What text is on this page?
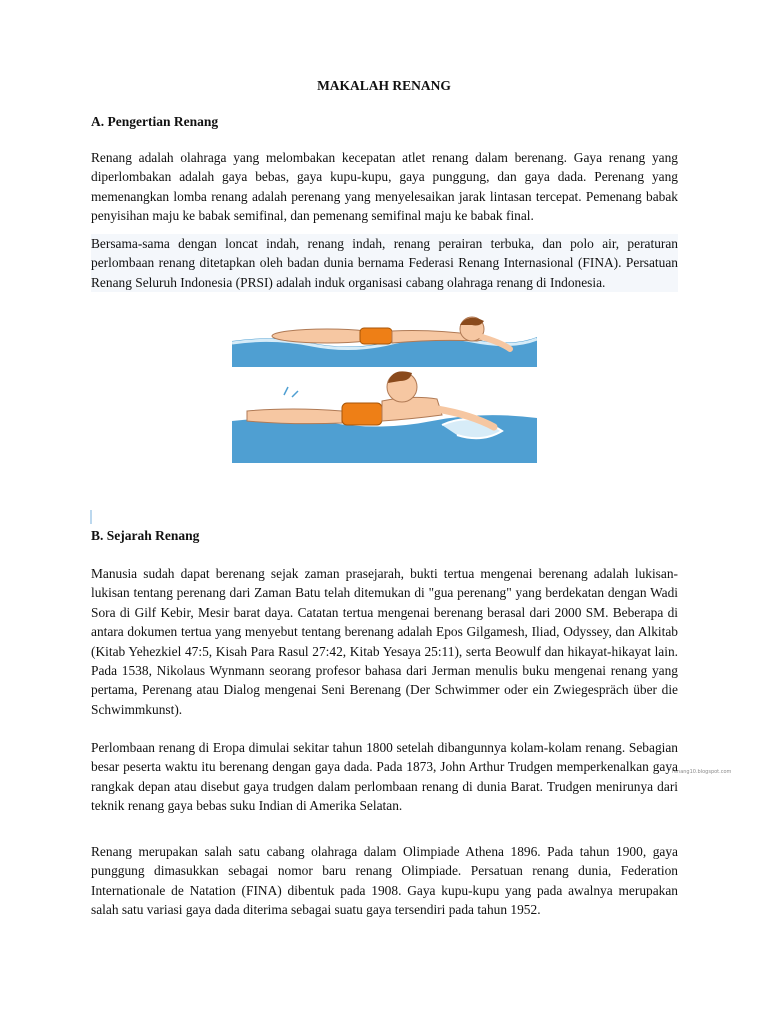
MAKALAH RENANG
A. Pengertian Renang

Renang adalah olahraga yang melombakan kecepatan atlet renang dalam berenang. Gaya renang yang diperlombakan adalah gaya bebas, gaya kupu-kupu, gaya punggung, dan gaya dada. Perenang yang memenangkan lomba renang adalah perenang yang menyelesaikan jarak lintasan tercepat. Pemenang babak penyisihan maju ke babak semifinal, dan pemenang semifinal maju ke babak final.

Bersama-sama dengan loncat indah, renang indah, renang perairan terbuka, dan polo air, peraturan perlombaan renang ditetapkan oleh badan dunia bernama Federasi Renang Internasional (FINA). Persatuan Renang Seluruh Indonesia (PRSI) adalah induk organisasi cabang olahraga renang di Indonesia.

renang10.blogspot.com
B. Sejarah Renang

Manusia sudah dapat berenang sejak zaman prasejarah, bukti tertua mengenai berenang adalah lukisan-lukisan tentang perenang dari Zaman Batu telah ditemukan di "gua perenang" yang berdekatan dengan Wadi Sora di Gilf Kebir, Mesir barat daya. Catatan tertua mengenai berenang berasal dari 2000 SM. Beberapa di antara dokumen tertua yang menyebut tentang berenang adalah Epos Gilgamesh, Iliad, Odyssey, dan Alkitab (Kitab Yehezkiel 47:5, Kisah Para Rasul 27:42, Kitab Yesaya 25:11), serta Beowulf dan hikayat-hikayat lain. Pada 1538, Nikolaus Wynmann seorang profesor bahasa dari Jerman menulis buku mengenai renang yang pertama, Perenang atau Dialog mengenai Seni Berenang (Der Schwimmer oder ein Zwiegespräch über die Schwimmkunst).

Perlombaan renang di Eropa dimulai sekitar tahun 1800 setelah dibangunnya kolam-kolam renang. Sebagian besar peserta waktu itu berenang dengan gaya dada. Pada 1873, John Arthur Trudgen memperkenalkan gaya rangkak depan atau disebut gaya trudgen dalam perlombaan renang di dunia Barat. Trudgen menirunya dari teknik renang gaya bebas suku Indian di Amerika Selatan.

Renang merupakan salah satu cabang olahraga dalam Olimpiade Athena 1896. Pada tahun 1900, gaya punggung dimasukkan sebagai nomor baru renang Olimpiade. Persatuan renang dunia, Federation Internationale de Natation (FINA) dibentuk pada 1908. Gaya kupu-kupu yang pada awalnya merupakan salah satu variasi gaya dada diterima sebagai suatu gaya tersendiri pada tahun 1952.
